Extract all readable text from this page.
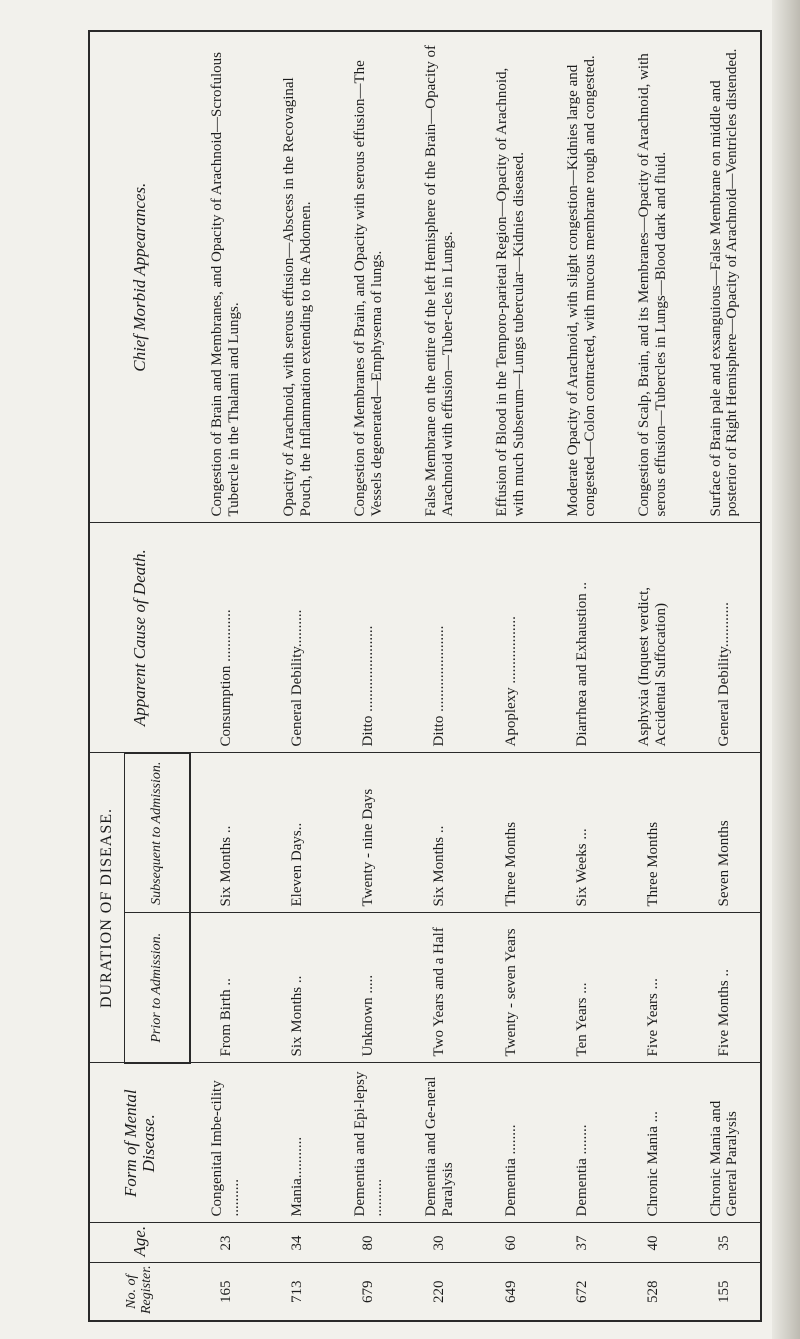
No. of Register.	Age.	Form of Mental Disease.	DURATION OF DISEASE.		Apparent Cause of Death.	Chief Morbid Appearances.
			Prior to Admission.	Subsequent to Admission.		
165	23	Congenital Imbe-cility ..........	From Birth ..	Six Months ..	Consumption ..............	Congestion of Brain and Membranes, and Opacity of Arachnoid—Scrofulous Tubercle in the Thalami and Lungs.
713	34	Mania...........	Six Months ..	Eleven Days..	General Debility..........	Opacity of Arachnoid, with serous effusion—Abscess in the Recovaginal Pouch, the Inflammation extending to the Abdomen.
679	80	Dementia and Epi-lepsy ..........	Unknown .....	Twenty - nine Days	Ditto .......................	Congestion of Membranes of Brain, and Opacity with serous effusion—The Vessels degenerated—Emphysema of lungs.
220	30	Dementia and Ge-neral Paralysis	Two Years and a Half	Six Months ..	Ditto .......................	False Membrane on the entire of the left Hemisphere of the Brain—Opacity of Arachnoid with effusion—Tuber-cles in Lungs.
649	60	Dementia ........	Twenty - seven Years	Three Months	Apoplexy ..................	Effusion of Blood in the Temporo-parietal Region—Opacity of Arachnoid, with much Subserum—Lungs tubercular—Kidnies diseased.
672	37	Dementia ........	Ten Years ...	Six Weeks ...	Diarrhœa and Exhaustion ..	Moderate Opacity of Arachnoid, with slight congestion—Kidnies large and congested—Colon contracted, with mucous membrane rough and congested.
528	40	Chronic Mania ...	Five Years ...	Three Months	Asphyxia (Inquest verdict, Accidental Suffocation)	Congestion of Scalp, Brain, and its Membranes—Opacity of Arachnoid, with serous effusion—Tubercles in Lungs—Blood dark and fluid.
155	35	Chronic Mania and General Paralysis	Five Months ..	Seven Months	General Debility............	Surface of Brain pale and exsanguious—False Membrane on middle and posterior of Right Hemisphere—Opacity of Arachnoid—Ventricles distended.
